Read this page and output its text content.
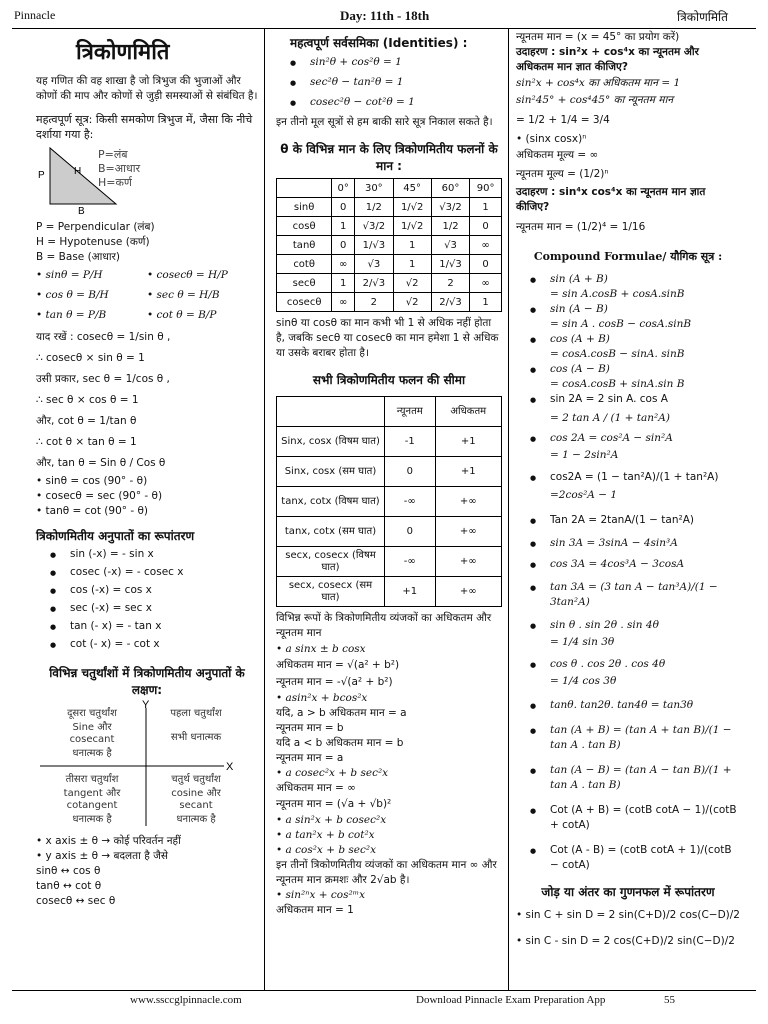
Pinnacle	Day: 11th - 18th	त्रिकोणमिति
त्रिकोणमिति
यह गणित की वह शाखा है जो त्रिभुज की भुजाओं और कोणों की माप और कोणों से जुड़ी समस्याओं से संबंधित है।
महत्वपूर्ण सूत्र: किसी समकोण त्रिभुज में, जैसा कि नीचे दर्शाया गया है:
P	H
B
P=लंब
B=आधार
H=कर्ण
P = Perpendicular (लंब)
H = Hypotenuse (कर्ण)
B = Base (आधार)
• sinθ = P/H	• cosecθ = H/P
• cos θ = B/H	• sec θ = H/B
• tan θ = P/B	• cot θ = B/P
याद रखें : cosecθ = 1/sin θ ,
∴ cosecθ × sin θ = 1
उसी प्रकार, sec θ = 1/cos θ ,
∴ sec θ × cos θ = 1
और, cot θ = 1/tan θ
∴ cot θ × tan θ = 1
और, tan θ = Sin θ / Cos θ
• sinθ = cos (90° - θ)
• cosecθ = sec (90° - θ)
• tanθ = cot (90° - θ)
त्रिकोणमितीय अनुपातों का रूपांतरण
● sin (-x) = - sin x
● cosec (-x) = - cosec x
● cos (-x) = cos x
● sec (-x) = sec x
● tan (- x) = - tan x
● cot (- x) = - cot x
विभिन्न चतुर्थांशों में त्रिकोणमितीय अनुपातों के लक्षण:
X
Y
दूसरा चतुर्थांश
Sine और
cosecant
धनात्मक है
पहला चतुर्थांश
सभी धनात्मक
तीसरा चतुर्थांश
tangent और
cotangent
धनात्मक है
चतुर्थ चतुर्थांश
cosine और
secant
धनात्मक है
• x axis ± θ → कोई परिवर्तन नहीं
• y axis ± θ → बदलता है जैसे
sinθ ↔ cos θ
tanθ ↔ cot θ
cosecθ ↔ sec θ
महत्वपूर्ण सर्वसमिका (Identities) :
● sin²θ + cos²θ = 1
● sec²θ − tan²θ = 1
● cosec²θ − cot²θ = 1
इन तीनो मूल सूत्रों से हम बाकी सारे सूत्र निकाल सकते है।
θ के विभिन्न मान के लिए त्रिकोणमितीय फलनों के मान :
	0°	30°	45°	60°	90°
sinθ	0	1/2	1/√2	√3/2	1
cosθ	1	√3/2	1/√2	1/2	0
tanθ	0	1/√3	1	√3	∞
cotθ	∞	√3	1	1/√3	0
secθ	1	2/√3	√2	2	∞
cosecθ	∞	2	√2	2/√3	1
sinθ या cosθ का मान कभी भी 1 से अधिक नहीं होता है, जबकि secθ या cosecθ का मान हमेशा 1 से अधिक या उसके बराबर होता है।
सभी त्रिकोणमितीय फलन की सीमा
	न्यूनतम	अधिकतम
Sinx, cosx (विषम घात)	-1	+1
Sinx, cosx (सम घात)	0	+1
tanx, cotx (विषम घात)	-∞	+∞
tanx, cotx (सम घात)	0	+∞
secx, cosecx (विषम घात)	-∞	+∞
secx, cosecx (सम घात)	+1	+∞
विभिन्न रूपों के त्रिकोणमितीय व्यंजकों का अधिकतम और न्यूनतम मान
• a sinx ± b cosx
अधिकतम मान = √(a² + b²)
न्यूनतम मान = -√(a² + b²)
• asin²x + bcos²x
यदि, a > b अधिकतम मान = a
न्यूनतम मान = b
यदि a < b अधिकतम मान = b
न्यूनतम मान = a
• a cosec²x + b sec²x
अधिकतम मान = ∞
न्यूनतम मान = (√a + √b)²
• a sin²x + b cosec²x
• a tan²x + b cot²x
• a cos²x + b sec²x
इन तीनों त्रिकोणमितीय व्यंजकों का अधिकतम मान ∞ और न्यूनतम मान क्रमशः और 2√ab है।
• sin²ⁿx + cos²ᵐx
अधिकतम मान = 1
न्यूनतम मान = (x = 45° का प्रयोग करें)
उदाहरण : sin²x + cos⁴x का न्यूनतम और अधिकतम मान ज्ञात कीजिए?
sin²x + cos⁴x का अधिकतम मान = 1
sin²45° + cos⁴45° का न्यूनतम मान
= 1/2 + 1/4 = 3/4
• (sinx cosx)ⁿ
अधिकतम मूल्य = ∞
न्यूनतम मूल्य = (1/2)ⁿ
उदाहरण : sin⁴x cos⁴x का न्यूनतम मान ज्ञात कीजिए?
न्यूनतम मान = (1/2)⁴ = 1/16
Compound Formulae/ यौगिक सूत्र :
● sin (A + B)
= sin A.cosB + cosA.sinB
● sin (A − B)
= sin A . cosB − cosA.sinB
● cos (A + B)
= cosA.cosB − sinA. sinB
● cos (A − B)
= cosA.cosB + sinA.sin B
● sin 2A = 2 sin A. cos A
= 2 tan A / (1 + tan²A)
● cos 2A = cos²A − sin²A
= 1 − 2sin²A
● cos2A = (1 − tan²A)/(1 + tan²A)
=2cos²A − 1
● Tan 2A = 2tanA/(1 − tan²A)
● sin 3A = 3sinA − 4sin³A
● cos 3A = 4cos³A − 3cosA
● tan 3A = (3 tan A − tan³A)/(1 − 3tan²A)
● sin θ . sin 2θ . sin 4θ
= 1/4 sin 3θ
● cos θ . cos 2θ . cos 4θ
= 1/4 cos 3θ
● tanθ. tan2θ. tan4θ = tan3θ
● tan (A + B) = (tan A + tan B)/(1 − tan A . tan B)
● tan (A − B) = (tan A − tan B)/(1 + tan A . tan B)
● Cot (A + B) = (cotB cotA − 1)/(cotB + cotA)
● Cot (A - B) = (cotB cotA + 1)/(cotB − cotA)
जोड़ या अंतर का गुणनफल में रूपांतरण
• sin C + sin D = 2 sin(C+D)/2 cos(C−D)/2
• sin C - sin D = 2 cos(C+D)/2 sin(C−D)/2
www.ssccglpinnacle.com	Download Pinnacle Exam Preparation App	55
